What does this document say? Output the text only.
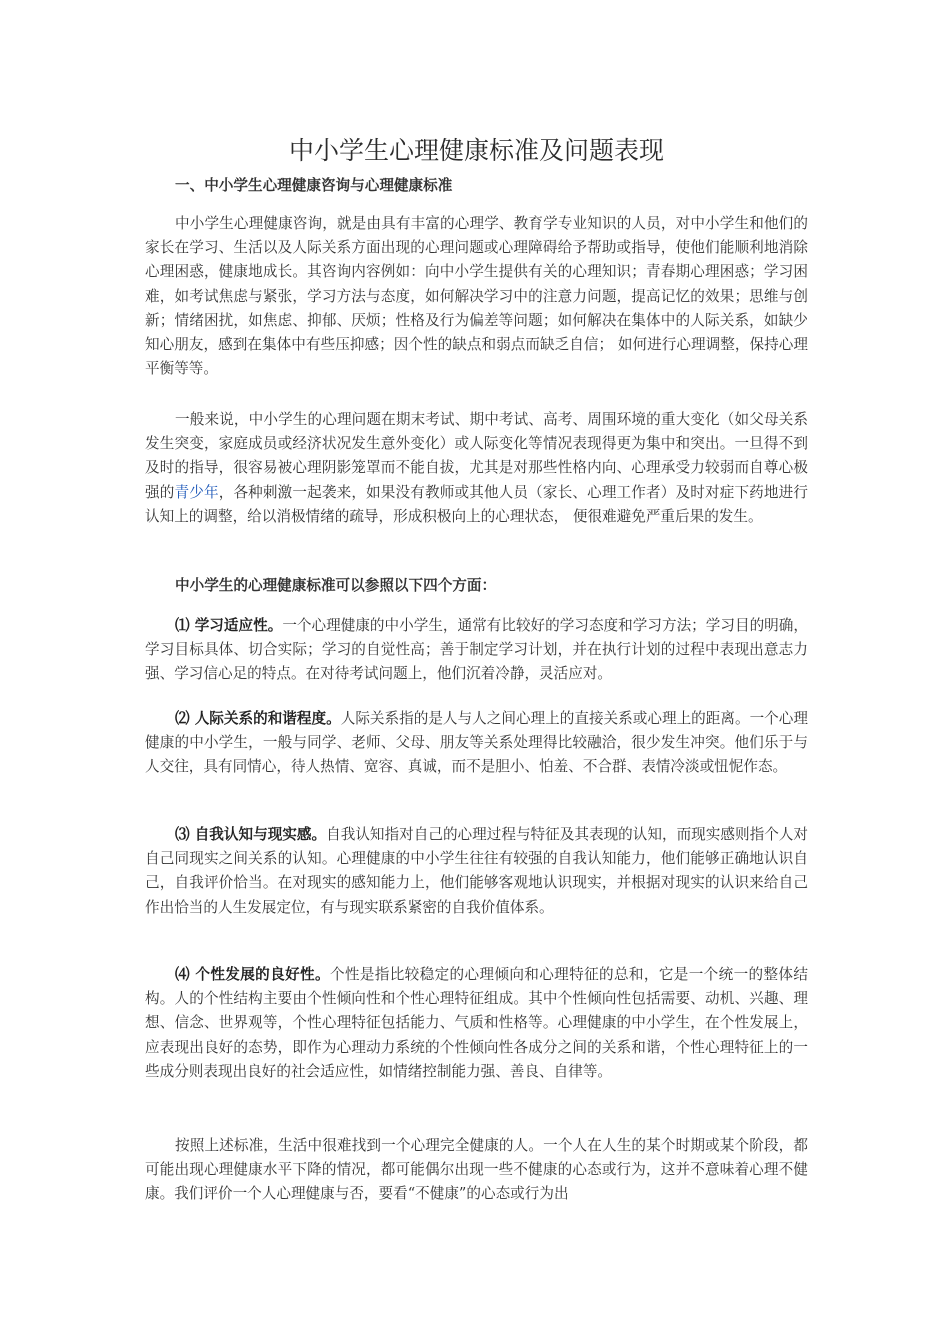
中小学生心理健康标准及问题表现
一、中小学生心理健康咨询与心理健康标准
中小学生心理健康咨询，就是由具有丰富的心理学、教育学专业知识的人员，对中小学生和他们的家长在学习、生活以及人际关系方面出现的心理问题或心理障碍给予帮助或指导，使他们能顺利地消除心理困惑，健康地成长。其咨询内容例如：向中小学生提供有关的心理知识；青春期心理困惑；学习困难，如考试焦虑与紧张，学习方法与态度，如何解决学习中的注意力问题，提高记忆的效果；思维与创新；情绪困扰，如焦虑、抑郁、厌烦；性格及行为偏差等问题；如何解决在集体中的人际关系，如缺少知心朋友，感到在集体中有些压抑感；因个性的缺点和弱点而缺乏自信； 如何进行心理调整，保持心理平衡等等。
一般来说，中小学生的心理问题在期末考试、期中考试、高考、周围环境的重大变化（如父母关系发生突变，家庭成员或经济状况发生意外变化）或人际变化等情况表现得更为集中和突出。一旦得不到及时的指导，很容易被心理阴影笼罩而不能自拔，尤其是对那些性格内向、心理承受力较弱而自尊心极强的青少年，各种刺激一起袭来，如果没有教师或其他人员（家长、心理工作者）及时对症下药地进行认知上的调整，给以消极情绪的疏导，形成积极向上的心理状态， 便很难避免严重后果的发生。
中小学生的心理健康标准可以参照以下四个方面：
⑴ 学习适应性。一个心理健康的中小学生，通常有比较好的学习态度和学习方法；学习目的明确，学习目标具体、切合实际；学习的自觉性高；善于制定学习计划，并在执行计划的过程中表现出意志力强、学习信心足的特点。在对待考试问题上，他们沉着冷静，灵活应对。
⑵ 人际关系的和谐程度。人际关系指的是人与人之间心理上的直接关系或心理上的距离。一个心理健康的中小学生，一般与同学、老师、父母、朋友等关系处理得比较融洽，很少发生冲突。他们乐于与人交往，具有同情心，待人热情、宽容、真诚，而不是胆小、怕羞、不合群、表情冷淡或忸怩作态。
⑶ 自我认知与现实感。自我认知指对自己的心理过程与特征及其表现的认知，而现实感则指个人对自己同现实之间关系的认知。心理健康的中小学生往往有较强的自我认知能力，他们能够正确地认识自己，自我评价恰当。在对现实的感知能力上，他们能够客观地认识现实，并根据对现实的认识来给自己作出恰当的人生发展定位，有与现实联系紧密的自我价值体系。
⑷ 个性发展的良好性。个性是指比较稳定的心理倾向和心理特征的总和，它是一个统一的整体结构。人的个性结构主要由个性倾向性和个性心理特征组成。其中个性倾向性包括需要、动机、兴趣、理想、信念、世界观等，个性心理特征包括能力、气质和性格等。心理健康的中小学生，在个性发展上，应表现出良好的态势，即作为心理动力系统的个性倾向性各成分之间的关系和谐，个性心理特征上的一些成分则表现出良好的社会适应性，如情绪控制能力强、善良、自律等。
按照上述标准，生活中很难找到一个心理完全健康的人。一个人在人生的某个时期或某个阶段，都可能出现心理健康水平下降的情况，都可能偶尔出现一些不健康的心态或行为，这并不意味着心理不健康。我们评价一个人心理健康与否，要看“不健康”的心态或行为出
